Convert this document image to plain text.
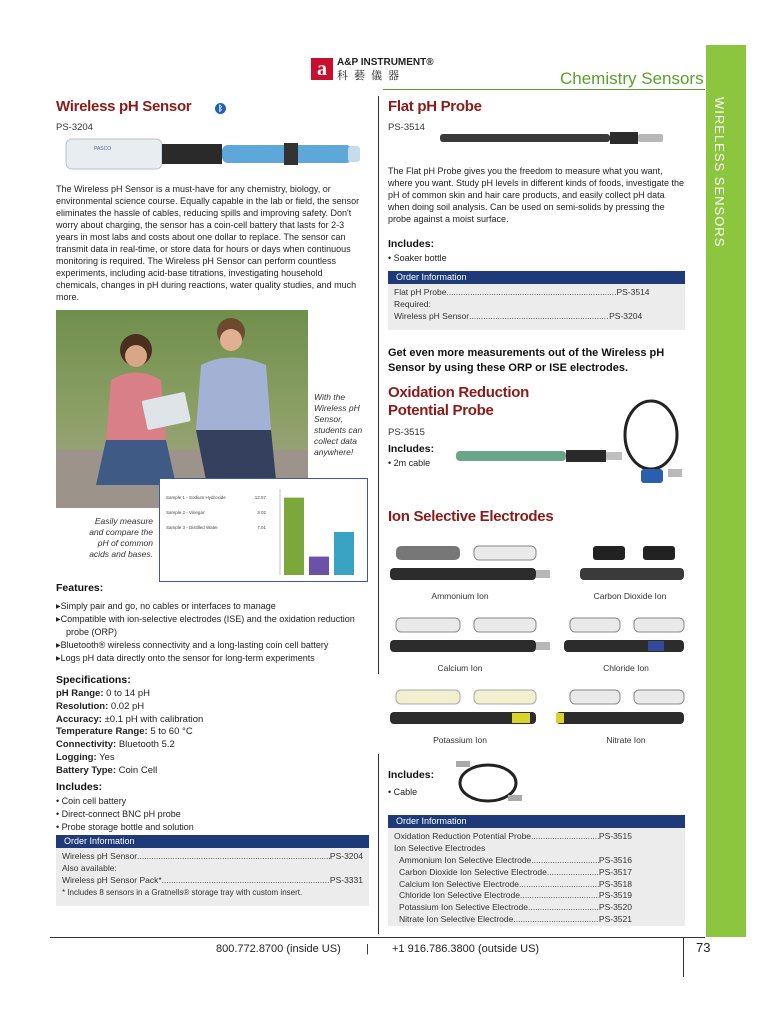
a	A&P INSTRUMENT®
科藝儀器	Chemistry Sensors
WIRELESS SENSORS
Wireless pH Sensor	ᛒ
PS-3204
PASCO
The Wireless pH Sensor is a must-have for any chemistry, biology, or environmental science course. Equally capable in the lab or field, the sensor eliminates the hassle of cables, reducing spills and improving safety. Don't worry about charging, the sensor has a coin-cell battery that lasts for 2-3 years in most labs and costs about one dollar to replace. The sensor can transmit data in real-time, or store data for hours or days when continuous monitoring is required. The Wireless pH Sensor can perform countless experiments, including acid-base titrations, investigating household chemicals, changes in pH during reactions, water quality studies, and much more.
With the Wireless pH Sensor, students can collect data anywhere!
Easily measure and compare the pH of common acids and bases.
Sample 1 - Sodium Hydroxide	12.57
Sample 2 - Vinegar	3.02
Sample 3 - Distilled Water	7.01
Features:
▶ Simply pair and go, no cables or interfaces to manage
▶ Compatible with ion-selective electrodes (ISE) and the oxidation reduction probe (ORP)
▶ Bluetooth® wireless connectivity and a long-lasting coin cell battery
▶ Logs pH data directly onto the sensor for long-term experiments
Specifications:
pH Range: 0 to 14 pH
Resolution: 0.02 pH
Accuracy: ±0.1 pH with calibration
Temperature Range: 5 to 60 °C
Connectivity: Bluetooth 5.2
Logging: Yes
Battery Type: Coin Cell
Includes:
• Coin cell battery
• Direct-connect BNC pH probe
• Probe storage bottle and solution
Order Information
Wireless pH Sensor .....	PS-3204
Also available:
Wireless pH Sensor Pack* .....	PS-3331
* Includes 8 sensors in a Gratnells® storage tray with custom insert.
Flat pH Probe
PS-3514
The Flat pH Probe gives you the freedom to measure what you want, where you want. Study pH levels in different kinds of foods, investigate the pH of common skin and hair care products, and easily collect pH data when doing soil analysis. Can be used on semi-solids by pressing the probe against a moist surface.
Includes:
• Soaker bottle
Order Information
Flat pH Probe .....	PS-3514
Required:
Wireless pH Sensor .....	PS-3204
Get even more measurements out of the Wireless pH Sensor by using these ORP or ISE electrodes.
Oxidation Reduction
Potential Probe
PS-3515
Includes:
• 2m cable
Ion Selective Electrodes
Ammonium Ion	Carbon Dioxide Ion
Calcium Ion	Chloride Ion
Potassium Ion	Nitrate Ion
Includes:
• Cable
Order Information
Oxidation Reduction Potential Probe .....	PS-3515
Ion Selective Electrodes
Ammonium Ion Selective Electrode .....	PS-3516
Carbon Dioxide Ion Selective Electrode .....	PS-3517
Calcium Ion Selective Electrode .....	PS-3518
Chloride Ion Selective Electrode .....	PS-3519
Potassium Ion Selective Electrode .....	PS-3520
Nitrate Ion Selective Electrode .....	PS-3521
800.772.8700 (inside US) | +1 916.786.3800 (outside US)	73
